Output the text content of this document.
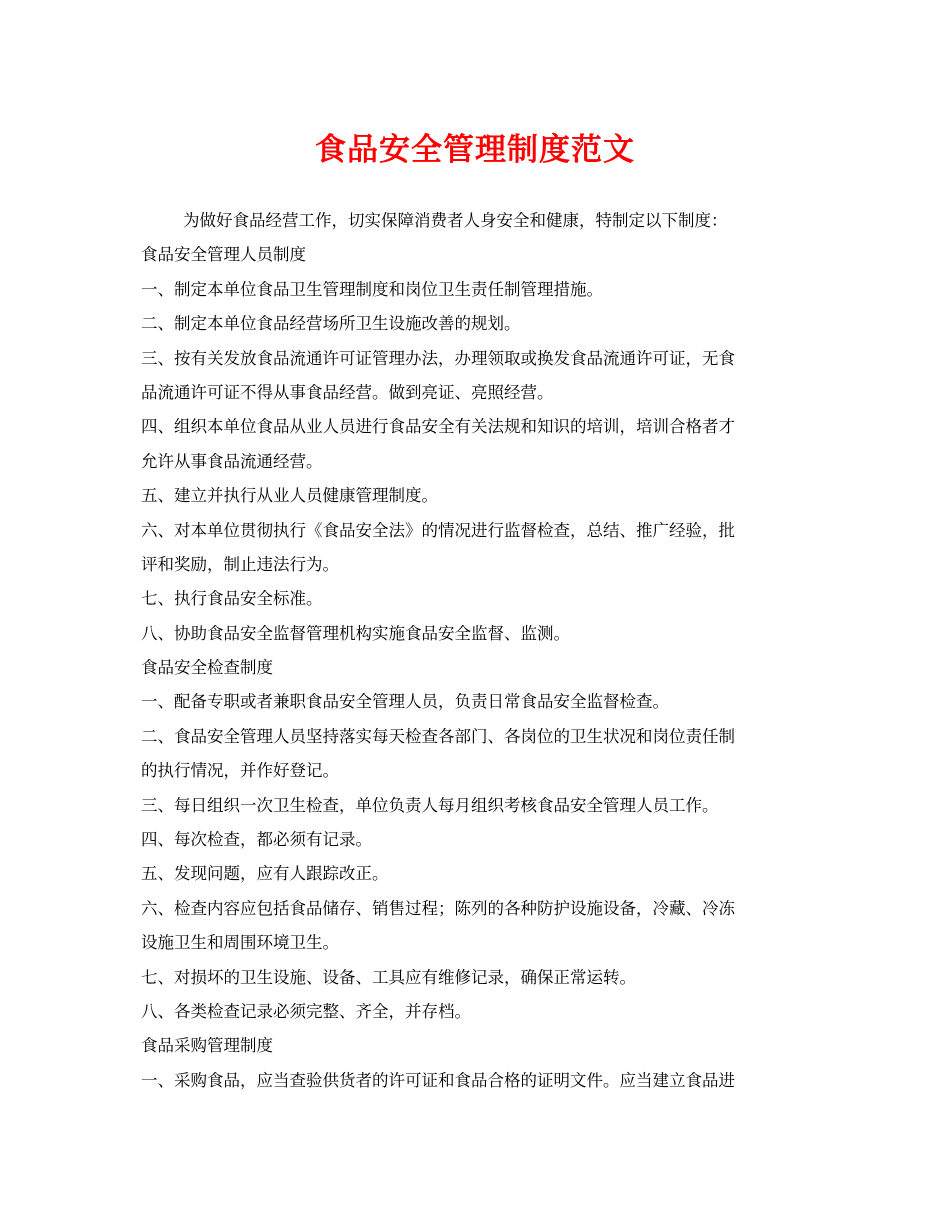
食品安全管理制度范文

为做好食品经营工作，切实保障消费者人身安全和健康，特制定以下制度：

食品安全管理人员制度

一、制定本单位食品卫生管理制度和岗位卫生责任制管理措施。

二、制定本单位食品经营场所卫生设施改善的规划。

三、按有关发放食品流通许可证管理办法，办理领取或换发食品流通许可证，无食

品流通许可证不得从事食品经营。做到亮证、亮照经营。

四、组织本单位食品从业人员进行食品安全有关法规和知识的培训，培训合格者才

允许从事食品流通经营。

五、建立并执行从业人员健康管理制度。

六、对本单位贯彻执行《食品安全法》的情况进行监督检查，总结、推广经验，批

评和奖励，制止违法行为。

七、执行食品安全标准。

八、协助食品安全监督管理机构实施食品安全监督、监测。

食品安全检查制度

一、配备专职或者兼职食品安全管理人员，负责日常食品安全监督检查。

二、食品安全管理人员坚持落实每天检查各部门、各岗位的卫生状况和岗位责任制

的执行情况，并作好登记。

三、每日组织一次卫生检查，单位负责人每月组织考核食品安全管理人员工作。

四、每次检查，都必须有记录。

五、发现问题，应有人跟踪改正。

六、检查内容应包括食品储存、销售过程；陈列的各种防护设施设备，冷藏、冷冻

设施卫生和周围环境卫生。

七、对损坏的卫生设施、设备、工具应有维修记录，确保正常运转。

八、各类检查记录必须完整、齐全，并存档。

食品采购管理制度

一、采购食品，应当查验供货者的许可证和食品合格的证明文件。应当建立食品进
